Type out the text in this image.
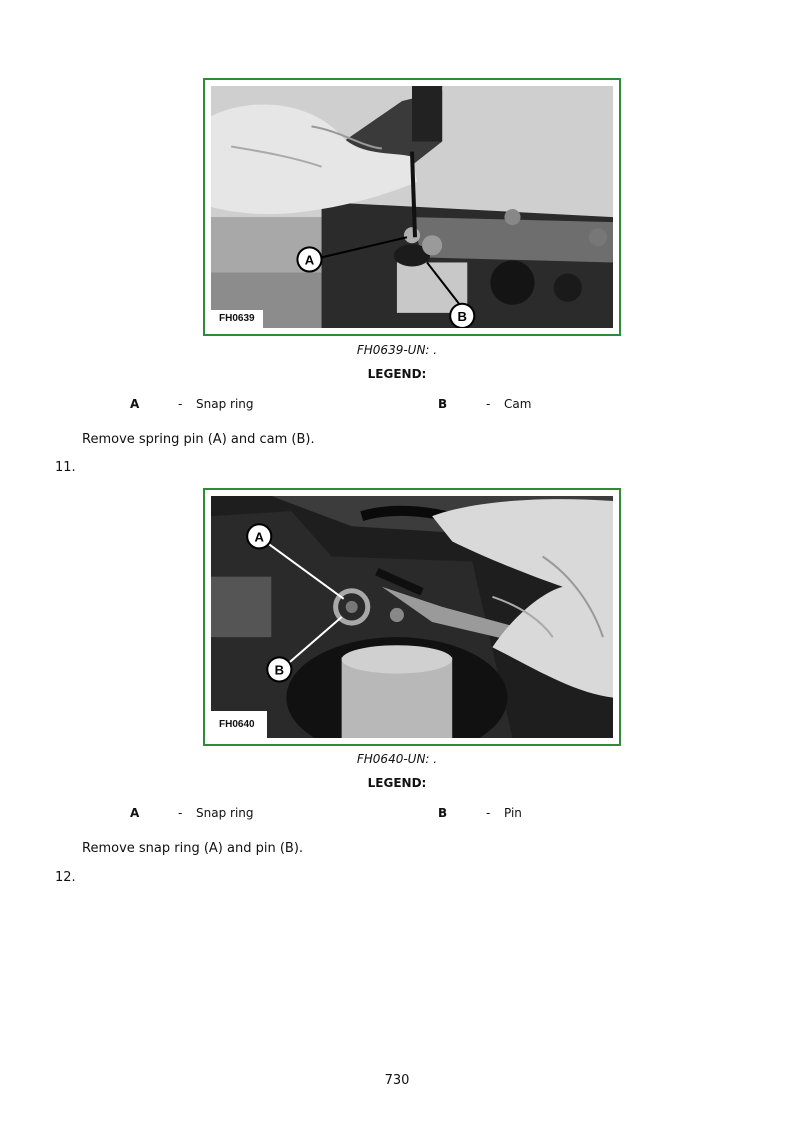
A
B
FH0639
FH0639-UN: .
LEGEND:
A	- Snap ring	B	- Cam
Remove spring pin (A) and cam (B).
11.
A
B
FH0640
FH0640-UN: .
LEGEND:
A	- Snap ring	B	- Pin
Remove snap ring (A) and pin (B).
12.
730
